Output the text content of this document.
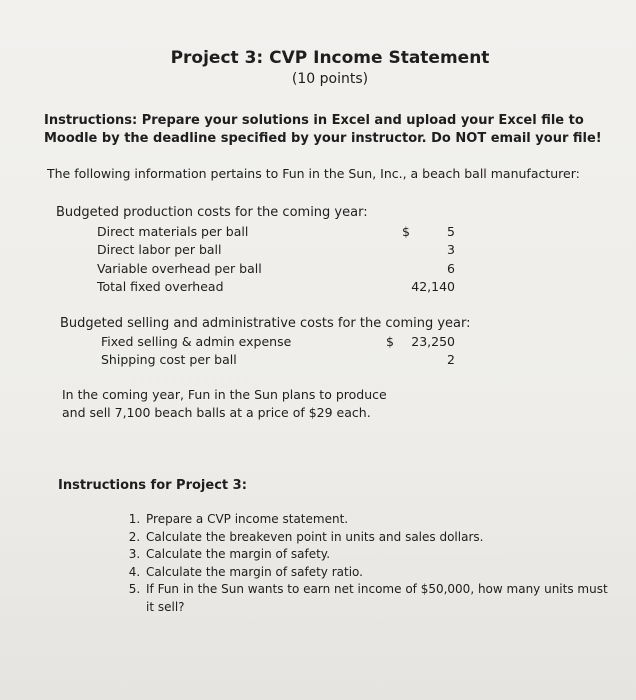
Project 3: CVP Income Statement
(10 points)
Instructions: Prepare your solutions in Excel and upload your Excel file to Moodle by the deadline specified by your instructor. Do NOT email your file!
The following information pertains to Fun in the Sun, Inc., a beach ball manufacturer:
Budgeted production costs for the coming year:
Direct materials per ball	$	5
Direct labor per ball	3
Variable overhead per ball	6
Total fixed overhead	42,140
Budgeted selling and administrative costs for the coming year:
Fixed selling & admin expense	$	23,250
Shipping cost per ball	2
In the coming year, Fun in the Sun plans to produce and sell 7,100 beach balls at a price of $29 each.
Instructions for Project 3:
1. Prepare a CVP income statement.
2. Calculate the breakeven point in units and sales dollars.
3. Calculate the margin of safety.
4. Calculate the margin of safety ratio.
5. If Fun in the Sun wants to earn net income of $50,000, how many units must it sell?
